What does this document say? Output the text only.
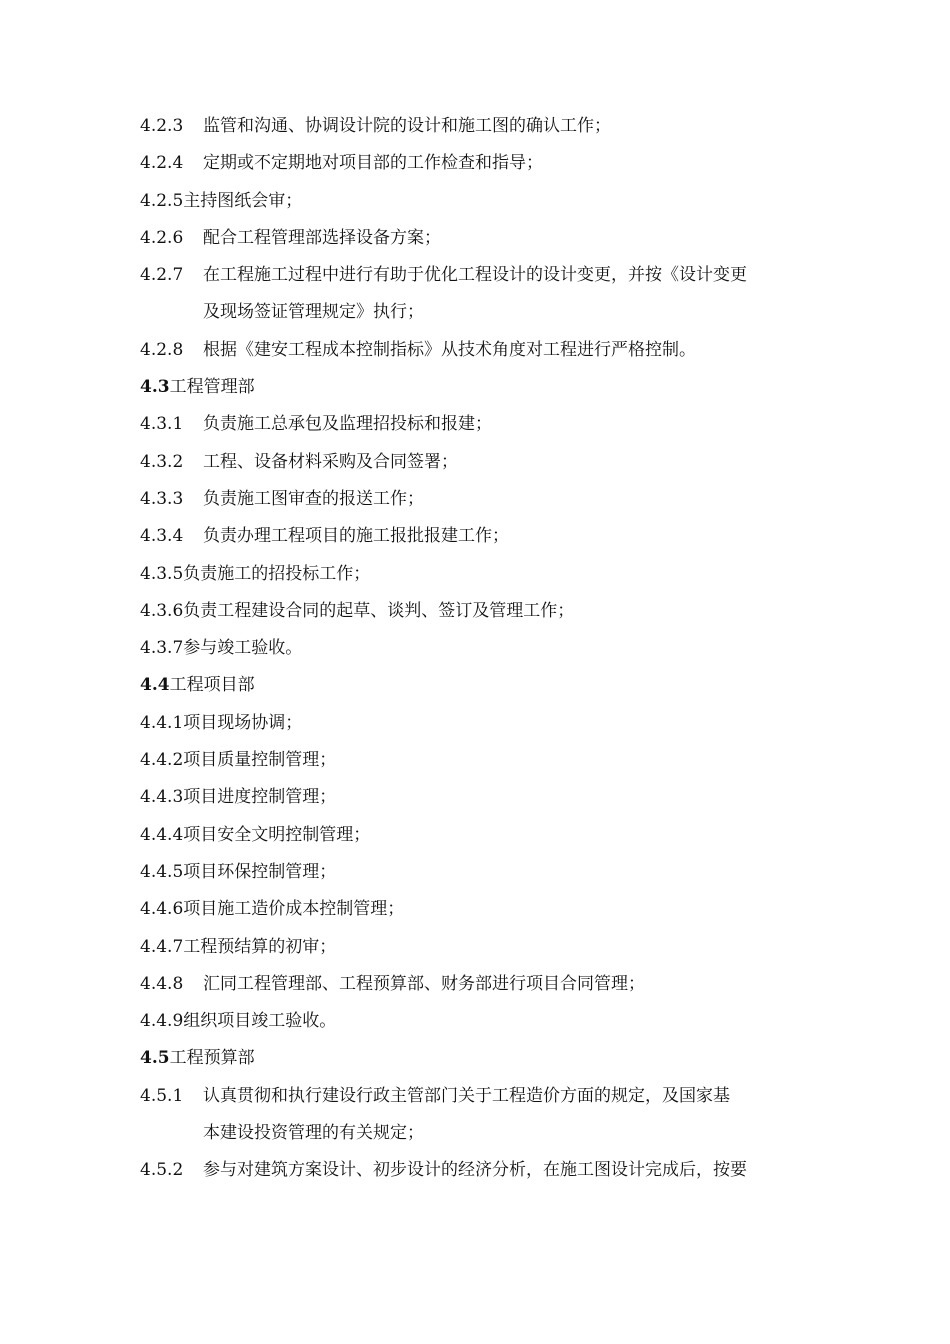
4.2.3 监管和沟通、协调设计院的设计和施工图的确认工作；
4.2.4 定期或不定期地对项目部的工作检查和指导；
4.2.5主持图纸会审；
4.2.6 配合工程管理部选择设备方案；
4.2.7 在工程施工过程中进行有助于优化工程设计的设计变更，并按《设计变更
及现场签证管理规定》执行；
4.2.8 根据《建安工程成本控制指标》从技术角度对工程进行严格控制。
4.3工程管理部
4.3.1 负责施工总承包及监理招投标和报建；
4.3.2 工程、设备材料采购及合同签署；
4.3.3 负责施工图审查的报送工作；
4.3.4 负责办理工程项目的施工报批报建工作；
4.3.5负责施工的招投标工作；
4.3.6负责工程建设合同的起草、谈判、签订及管理工作；
4.3.7参与竣工验收。
4.4工程项目部
4.4.1项目现场协调；
4.4.2项目质量控制管理；
4.4.3项目进度控制管理；
4.4.4项目安全文明控制管理；
4.4.5项目环保控制管理；
4.4.6项目施工造价成本控制管理；
4.4.7工程预结算的初审；
4.4.8 汇同工程管理部、工程预算部、财务部进行项目合同管理；
4.4.9组织项目竣工验收。
4.5工程预算部
4.5.1 认真贯彻和执行建设行政主管部门关于工程造价方面的规定，及国家基
本建设投资管理的有关规定；
4.5.2 参与对建筑方案设计、初步设计的经济分析，在施工图设计完成后，按要
